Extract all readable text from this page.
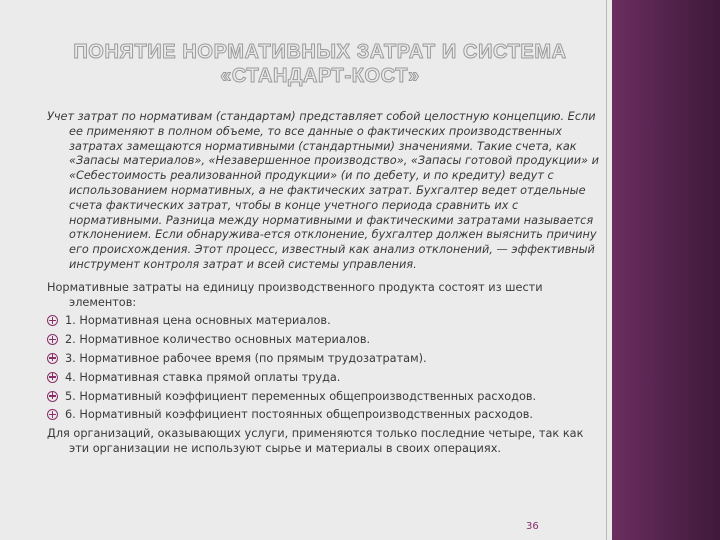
ПОНЯТИЕ НОРМАТИВНЫХ ЗАТРАТ И СИСТЕМА «СТАНДАРТ-КОСТ»

Учет затрат по нормативам (стандартам) представляет собой целостную концепцию. Если ее применяют в полном объеме, то все данные о фактических производственных затратах замещаются нормативными (стандартными) значениями. Такие счета, как «Запасы материалов», «Незавершенное производство», «Запасы готовой продукции» и «Себестоимость реализованной продукции» (и по дебету, и по кредиту) ведут с использованием нормативных, а не фактических затрат. Бухгалтер ведет отдельные счета фактических затрат, чтобы в конце учетного периода сравнить их с нормативными. Разница между нормативными и фактическими затратами называется отклонением. Если обнаружива-ется отклонение, бухгалтер должен выяснить причину его происхождения. Этот процесс, известный как анализ отклонений, — эффективный инструмент контроля затрат и всей системы управления.

Нормативные затраты на единицу производственного продукта состоят из шести элементов:

1. Нормативная цена основных материалов.
2. Нормативное количество основных материалов.
3. Нормативное рабочее время (по прямым трудозатратам).
4. Нормативная ставка прямой оплаты труда.
5. Нормативный коэффициент переменных общепроизводственных расходов.
6. Нормативный коэффициент постоянных общепроизводственных расходов.

Для организаций, оказывающих услуги, применяются только последние четыре, так как эти организации не используют сырье и материалы в своих операциях.

36
